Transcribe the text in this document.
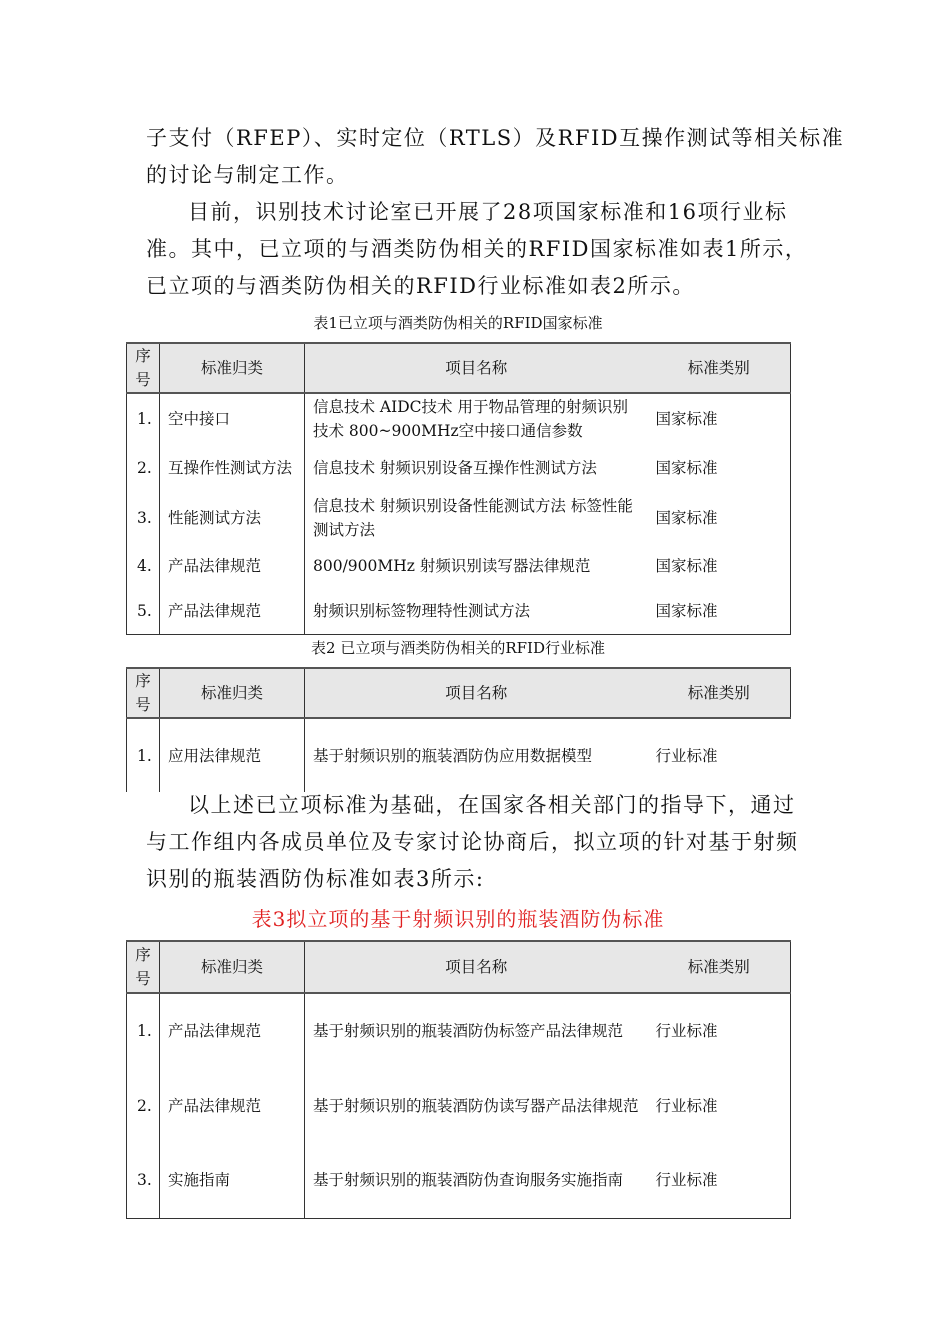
子支付（RFEP）、实时定位（RTLS）及RFID互操作测试等相关标准
的讨论与制定工作。

目前，识别技术讨论室已开展了28项国家标准和16项行业标
准。其中，已立项的与酒类防伪相关的RFID国家标准如表1所示，
已立项的与酒类防伪相关的RFID行业标准如表2所示。

表1已立项与酒类防伪相关的RFID国家标准
序号	标准归类	项目名称	标准类别
1.	空中接口	信息技术 AIDC技术 用于物品管理的射频识别技术 800~900MHz空中接口通信参数	国家标准
2.	互操作性测试方法	信息技术 射频识别设备互操作性测试方法	国家标准
3.	性能测试方法	信息技术 射频识别设备性能测试方法 标签性能测试方法	国家标准
4.	产品法律规范	800/900MHz 射频识别读写器法律规范	国家标准
5.	产品法律规范	射频识别标签物理特性测试方法	国家标准
表2 已立项与酒类防伪相关的RFID行业标准
序号	标准归类	项目名称	标准类别
1.	应用法律规范	基于射频识别的瓶装酒防伪应用数据模型	行业标准

以上述已立项标准为基础，在国家各相关部门的指导下，通过
与工作组内各成员单位及专家讨论协商后，拟立项的针对基于射频
识别的瓶装酒防伪标准如表3所示:

表3拟立项的基于射频识别的瓶装酒防伪标准
序号	标准归类	项目名称	标准类别
1.	产品法律规范	基于射频识别的瓶装酒防伪标签产品法律规范	行业标准
2.	产品法律规范	基于射频识别的瓶装酒防伪读写器产品法律规范	行业标准
3.	实施指南	基于射频识别的瓶装酒防伪查询服务实施指南	行业标准
